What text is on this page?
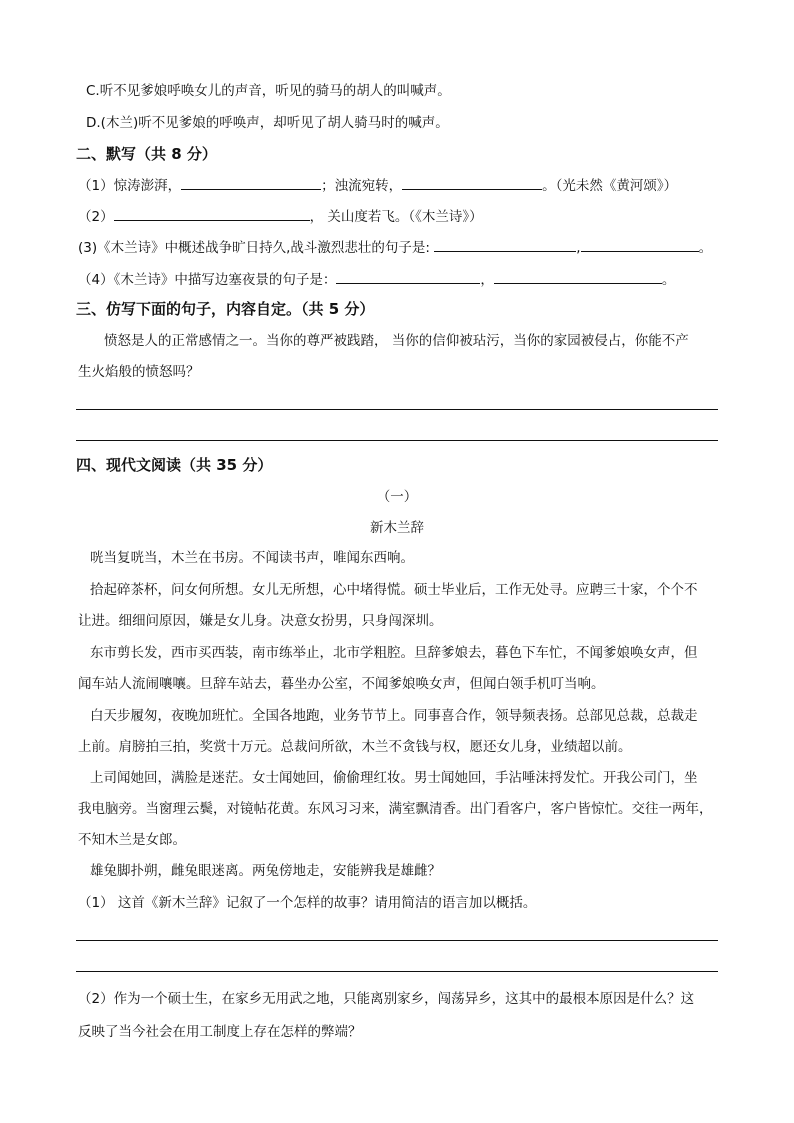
C.听不见爹娘呼唤女儿的声音，听见的骑马的胡人的叫喊声。
D.(木兰)听不见爹娘的呼唤声，却听见了胡人骑马时的喊声。
二、默写（共 8 分）
（1）惊涛澎湃，	；浊流宛转，	。（光未然《黄河颂》）
（2）	， 关山度若飞。（《木兰诗》）
(3)《木兰诗》中概述战争旷日持久,战斗激烈悲壮的句子是:	,	。
（4）《木兰诗》中描写边塞夜景的句子是：	，	。
三、仿写下面的句子，内容自定。（共 5 分）
愤怒是人的正常感情之一。当你的尊严被践踏， 当你的信仰被玷污，当你的家园被侵占，你能不产
生火焰般的愤怒吗？
四、现代文阅读（共 35 分）
（一）
新木兰辞
咣当复咣当，木兰在书房。不闻读书声，唯闻东西响。
拾起碎茶杯，问女何所想。女儿无所想，心中堵得慌。硕士毕业后，工作无处寻。应聘三十家，个个不
让进。细细问原因，嫌是女儿身。决意女扮男，只身闯深圳。
东市剪长发，西市买西装，南市练举止，北市学粗腔。旦辞爹娘去，暮色下车忙，不闻爹娘唤女声，但
闻车站人流闹嚷嚷。旦辞车站去，暮坐办公室，不闻爹娘唤女声，但闻白领手机叮当响。
白天步履匆，夜晚加班忙。全国各地跑，业务节节上。同事喜合作，领导频表扬。总部见总裁，总裁走
上前。肩膀拍三拍，奖赏十万元。总裁问所欲，木兰不贪钱与权，愿还女儿身，业绩超以前。
上司闻她回，满脸是迷茫。女士闻她回，偷偷理红妆。男士闻她回，手沾唾沫捋发忙。开我公司门，坐
我电脑旁。当窗理云鬓，对镜帖花黄。东风习习来，满室飘清香。出门看客户，客户皆惊忙。交往一两年，
不知木兰是女郎。
雄兔脚扑朔，雌兔眼迷离。两兔傍地走，安能辨我是雄雌？
（1） 这首《新木兰辞》记叙了一个怎样的故事？请用简洁的语言加以概括。
（2）作为一个硕士生，在家乡无用武之地，只能离别家乡，闯荡异乡，这其中的最根本原因是什么？这
反映了当今社会在用工制度上存在怎样的弊端？
